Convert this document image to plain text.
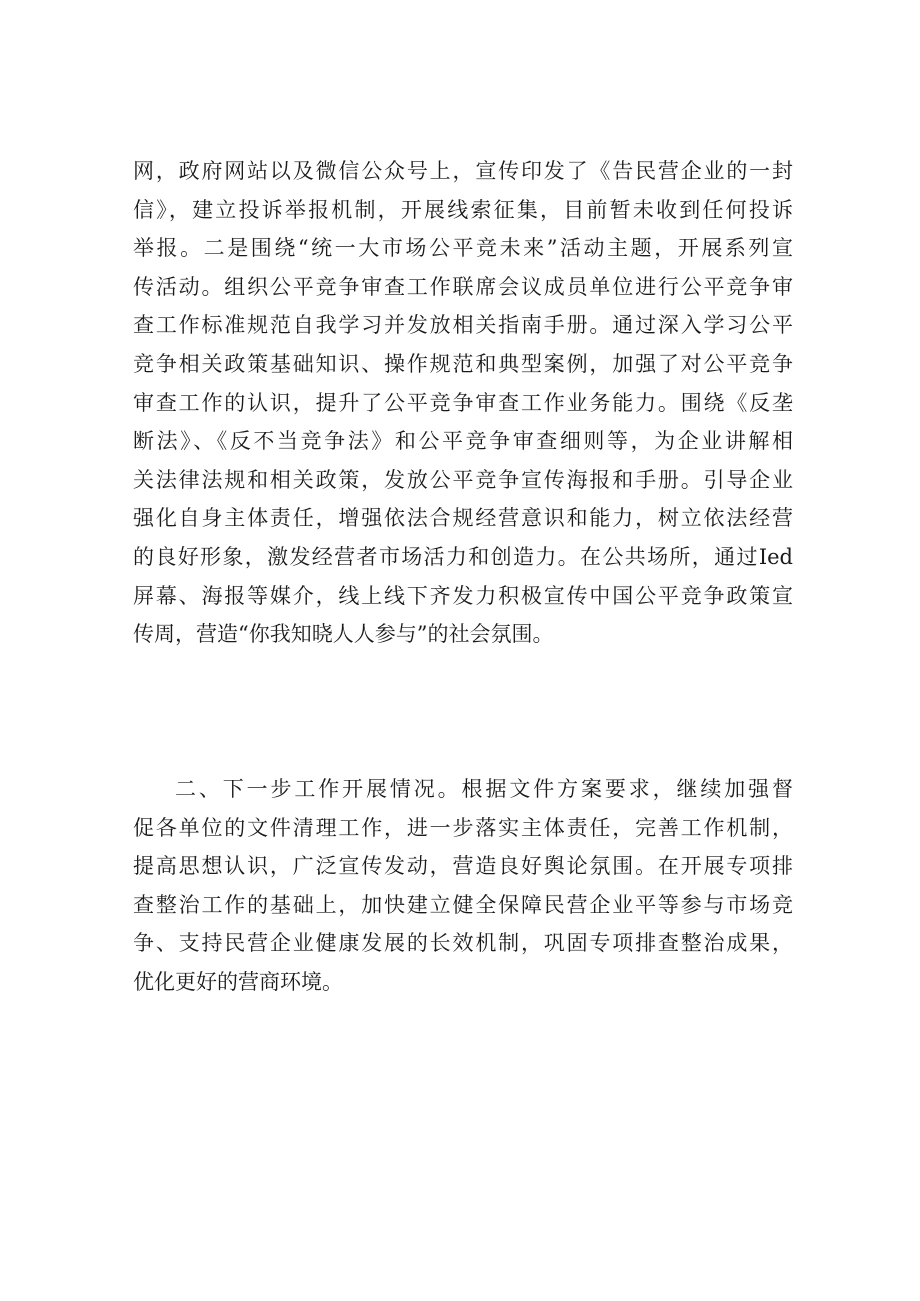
网，政府网站以及微信公众号上，宣传印发了《告民营企业的一封
信》，建立投诉举报机制，开展线索征集，目前暂未收到任何投诉
举报。二是围绕“统一大市场公平竞未来”活动主题，开展系列宣
传活动。组织公平竞争审查工作联席会议成员单位进行公平竞争审
查工作标准规范自我学习并发放相关指南手册。通过深入学习公平
竞争相关政策基础知识、操作规范和典型案例，加强了对公平竞争
审查工作的认识，提升了公平竞争审查工作业务能力。围绕《反垄
断法》、《反不当竞争法》和公平竞争审查细则等，为企业讲解相
关法律法规和相关政策，发放公平竞争宣传海报和手册。引导企业
强化自身主体责任，增强依法合规经营意识和能力，树立依法经营
的良好形象，激发经营者市场活力和创造力。在公共场所，通过Ied
屏幕、海报等媒介，线上线下齐发力积极宣传中国公平竞争政策宣
传周，营造“你我知晓人人参与”的社会氛围。
二、下一步工作开展情况。根据文件方案要求，继续加强督
促各单位的文件清理工作，进一步落实主体责任，完善工作机制，
提高思想认识，广泛宣传发动，营造良好舆论氛围。在开展专项排
查整治工作的基础上，加快建立健全保障民营企业平等参与市场竞
争、支持民营企业健康发展的长效机制，巩固专项排查整治成果，
优化更好的营商环境。
